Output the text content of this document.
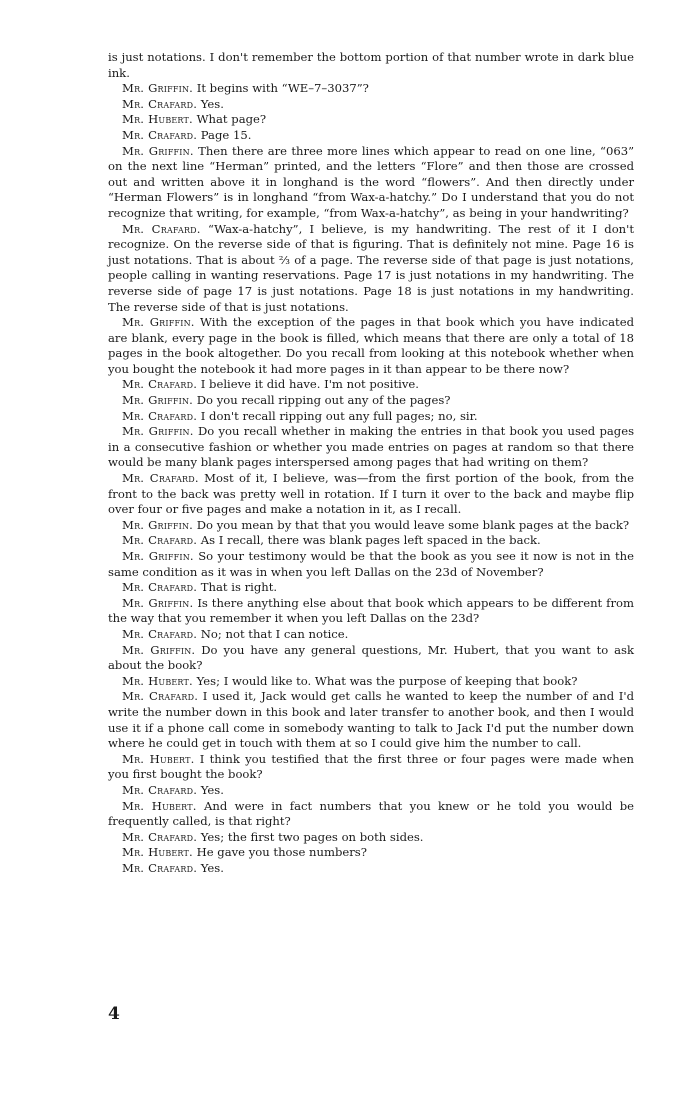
is just notations. I don't remember the bottom portion of that number wrote in dark blue ink.

Mr. Griffin. It begins with “WE–7–3037”?

Mr. Crafard. Yes.

Mr. Hubert. What page?

Mr. Crafard. Page 15.

Mr. Griffin. Then there are three more lines which appear to read on one line, “063” on the next line “Herman” printed, and the letters “Flore” and then those are crossed out and written above it in longhand is the word “flowers”. And then directly under “Herman Flowers” is in longhand “from Wax-a-hatchy.” Do I understand that you do not recognize that writing, for example, “from Wax-a-hatchy”, as being in your handwriting?

Mr. Crafard. “Wax-a-hatchy”, I believe, is my handwriting. The rest of it I don't recognize. On the reverse side of that is figuring. That is definitely not mine. Page 16 is just notations. That is about ⅔ of a page. The reverse side of that page is just notations, people calling in wanting reservations. Page 17 is just notations in my handwriting. The reverse side of page 17 is just notations. Page 18 is just notations in my handwriting. The reverse side of that is just notations.

Mr. Griffin. With the exception of the pages in that book which you have indicated are blank, every page in the book is filled, which means that there are only a total of 18 pages in the book altogether. Do you recall from looking at this notebook whether when you bought the notebook it had more pages in it than appear to be there now?

Mr. Crafard. I believe it did have. I'm not positive.

Mr. Griffin. Do you recall ripping out any of the pages?

Mr. Crafard. I don't recall ripping out any full pages; no, sir.

Mr. Griffin. Do you recall whether in making the entries in that book you used pages in a consecutive fashion or whether you made entries on pages at random so that there would be many blank pages interspersed among pages that had writing on them?

Mr. Crafard. Most of it, I believe, was—from the first portion of the book, from the front to the back was pretty well in rotation. If I turn it over to the back and maybe flip over four or five pages and make a notation in it, as I recall.

Mr. Griffin. Do you mean by that that you would leave some blank pages at the back?

Mr. Crafard. As I recall, there was blank pages left spaced in the back.

Mr. Griffin. So your testimony would be that the book as you see it now is not in the same condition as it was in when you left Dallas on the 23d of November?

Mr. Crafard. That is right.

Mr. Griffin. Is there anything else about that book which appears to be different from the way that you remember it when you left Dallas on the 23d?

Mr. Crafard. No; not that I can notice.

Mr. Griffin. Do you have any general questions, Mr. Hubert, that you want to ask about the book?

Mr. Hubert. Yes; I would like to. What was the purpose of keeping that book?

Mr. Crafard. I used it, Jack would get calls he wanted to keep the number of and I'd write the number down in this book and later transfer to another book, and then I would use it if a phone call come in somebody wanting to talk to Jack I'd put the number down where he could get in touch with them at so I could give him the number to call.

Mr. Hubert. I think you testified that the first three or four pages were made when you first bought the book?

Mr. Crafard. Yes.

Mr. Hubert. And were in fact numbers that you knew or he told you would be frequently called, is that right?

Mr. Crafard. Yes; the first two pages on both sides.

Mr. Hubert. He gave you those numbers?

Mr. Crafard. Yes.

4
